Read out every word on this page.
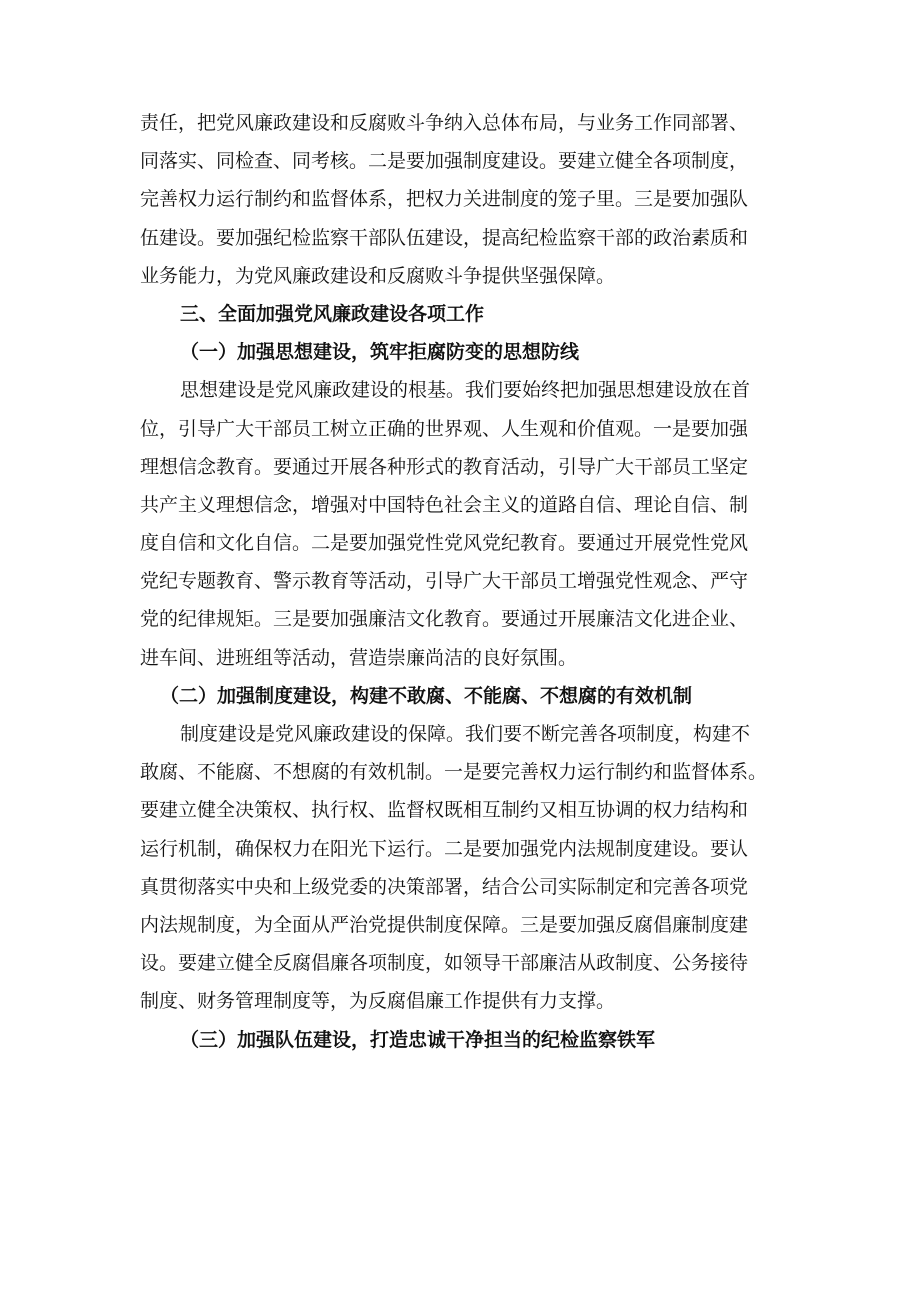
责任，把党风廉政建设和反腐败斗争纳入总体布局，与业务工作同部署、
同落实、同检查、同考核。二是要加强制度建设。要建立健全各项制度，
完善权力运行制约和监督体系，把权力关进制度的笼子里。三是要加强队
伍建设。要加强纪检监察干部队伍建设，提高纪检监察干部的政治素质和
业务能力，为党风廉政建设和反腐败斗争提供坚强保障。
三、全面加强党风廉政建设各项工作
（一）加强思想建设，筑牢拒腐防变的思想防线
思想建设是党风廉政建设的根基。我们要始终把加强思想建设放在首
位，引导广大干部员工树立正确的世界观、人生观和价值观。一是要加强
理想信念教育。要通过开展各种形式的教育活动，引导广大干部员工坚定
共产主义理想信念，增强对中国特色社会主义的道路自信、理论自信、制
度自信和文化自信。二是要加强党性党风党纪教育。要通过开展党性党风
党纪专题教育、警示教育等活动，引导广大干部员工增强党性观念、严守
党的纪律规矩。三是要加强廉洁文化教育。要通过开展廉洁文化进企业、
进车间、进班组等活动，营造崇廉尚洁的良好氛围。
（二）加强制度建设，构建不敢腐、不能腐、不想腐的有效机制
制度建设是党风廉政建设的保障。我们要不断完善各项制度，构建不
敢腐、不能腐、不想腐的有效机制。一是要完善权力运行制约和监督体系。
要建立健全决策权、执行权、监督权既相互制约又相互协调的权力结构和
运行机制，确保权力在阳光下运行。二是要加强党内法规制度建设。要认
真贯彻落实中央和上级党委的决策部署，结合公司实际制定和完善各项党
内法规制度，为全面从严治党提供制度保障。三是要加强反腐倡廉制度建
设。要建立健全反腐倡廉各项制度，如领导干部廉洁从政制度、公务接待
制度、财务管理制度等，为反腐倡廉工作提供有力支撑。
（三）加强队伍建设，打造忠诚干净担当的纪检监察铁军
